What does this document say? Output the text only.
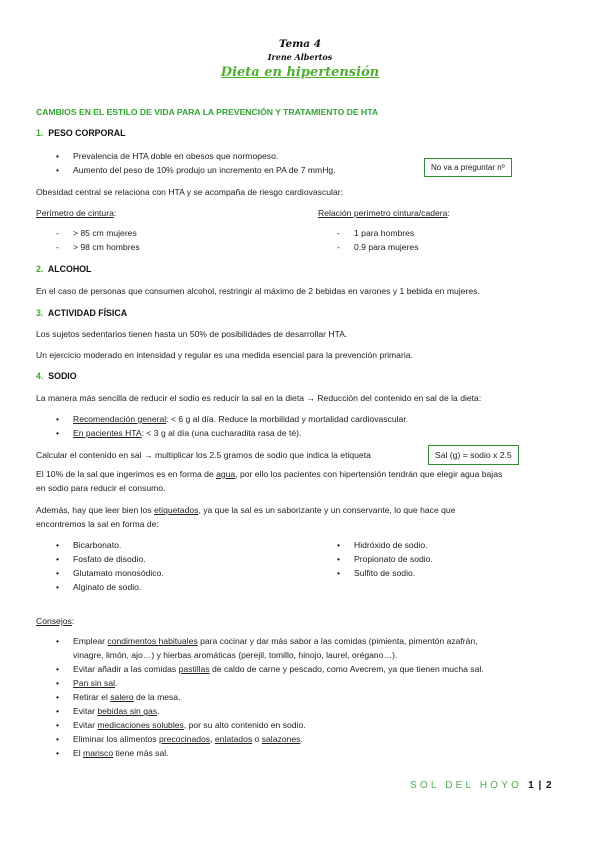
Tema 4
Irene Albertos
Dieta en hipertensión
CAMBIOS EN EL ESTILO DE VIDA PARA LA PREVENCIÓN Y TRATAMIENTO DE HTA
1. PESO CORPORAL
• Prevalencia de HTA doble en obesos que normopeso.
• Aumento del peso de 10% produjo un incremento en PA de 7 mmHg.	No va a preguntar nº
Obesidad central se relaciona con HTA y se acompaña de riesgo cardiovascular:
Perímetro de cintura:
- > 85 cm mujeres
- > 98 cm hombres
Relación perímetro cintura/cadera:
- 1 para hombres
- 0.9 para mujeres
2. ALCOHOL
En el caso de personas que consumen alcohol, restringir al máximo de 2 bebidas en varones y 1 bebida en mujeres.
3. ACTIVIDAD FÍSICA
Los sujetos sedentarios tienen hasta un 50% de posibilidades de desarrollar HTA.
Un ejercicio moderado en intensidad y regular es una medida esencial para la prevención primaria.
4. SODIO
La manera más sencilla de reducir el sodio es reducir la sal en la dieta → Reducción del contenido en sal de la dieta:
• Recomendación general: < 6 g al día. Reduce la morbilidad y mortalidad cardiovascular.
• En pacientes HTA: < 3 g al día (una cucharadita rasa de té).
Calcular el contenido en sal → multiplicar los 2.5 gramos de sodio que indica la etiqueta	Sal (g) = sodio x 2.5
El 10% de la sal que ingerimos es en forma de agua, por ello los pacientes con hipertensión tendrán que elegir agua bajas
en sodio para reducir el consumo.
Además, hay que leer bien los etiquetados, ya que la sal es un saborizante y un conservante, lo que hace que
encontremos la sal en forma de:
• Bicarbonato.
• Fosfato de disodio.
• Glutamato monosódico.
• Alginato de sodio.
• Hidróxido de sodio.
• Propionato de sodio.
• Sulfito de sodio.
Consejos:
• Emplear condimentos habituales para cocinar y dar más sabor a las comidas (pimienta, pimentón azafrán,
vinagre, limón, ajo…) y hierbas aromáticas (perejil, tomillo, hinojo, laurel, orégano…).
• Evitar añadir a las comidas pastillas de caldo de carne y pescado, como Avecrem, ya que tienen mucha sal.
• Pan sin sal.
• Retirar el salero de la mesa.
• Evitar bebidas sin gas.
• Evitar medicaciones solubles, por su alto contenido en sodio.
• Eliminar los alimentos precocinados, enlatados o salazones.
• El marisco tiene más sal.
SOL DEL HOYO 1 | 2
